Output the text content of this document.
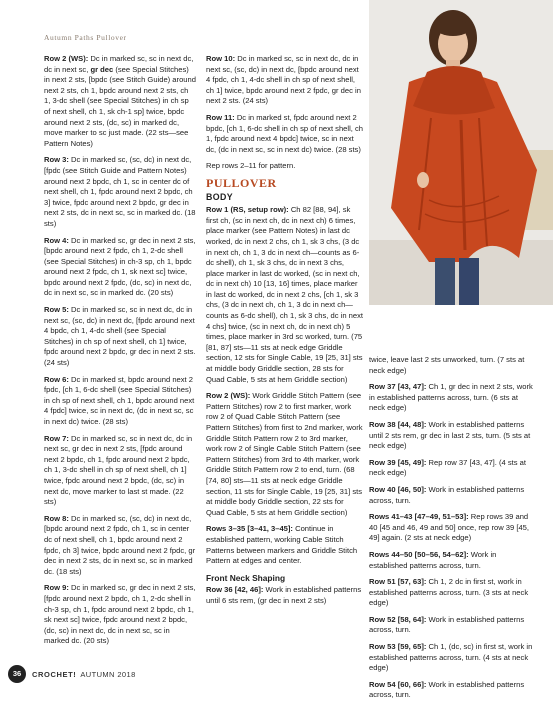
Autumn Paths Pullover

Row 2 (WS): Dc in marked sc, sc in next dc, dc in next sc, gr dec (see Special Stitches) in next 2 sts, [bpdc (see Stitch Guide) around next 2 sts, ch 1, bpdc around next 2 sts, ch 1, 3-dc shell (see Special Stitches) in ch sp of next shell, ch 1, sk ch-1 sp] twice, bpdc around next 2 sts, (dc, sc) in marked dc, move marker to sc just made. (22 sts—see Pattern Notes)

Row 3: Dc in marked sc, (sc, dc) in next dc, [fpdc (see Stitch Guide and Pattern Notes) around next 2 bpdc, ch 1, sc in center dc of next shell, ch 1, fpdc around next 2 bpdc, ch 3] twice, fpdc around next 2 bpdc, gr dec in next 2 sts, dc in next sc, sc in marked dc. (18 sts)

Row 4: Dc in marked sc, gr dec in next 2 sts, [bpdc around next 2 fpdc, ch 1, 2-dc shell (see Special Stitches) in ch-3 sp, ch 1, bpdc around next 2 fpdc, ch 1, sk next sc] twice, bpdc around next 2 fpdc, (dc, sc) in next dc, dc in next sc, sc in marked dc. (20 sts)

Row 5: Dc in marked sc, sc in next dc, dc in next sc, (sc, dc) in next dc, [fpdc around next 4 bpdc, ch 1, 4-dc shell (see Special Stitches) in ch sp of next shell, ch 1] twice, fpdc around next 2 bpdc, gr dec in next 2 sts. (24 sts)

Row 6: Dc in marked st, bpdc around next 2 fpdc, [ch 1, 6-dc shell (see Special Stitches) in ch sp of next shell, ch 1, bpdc around next 4 fpdc] twice, sc in next dc, (dc in next sc, sc in next dc) twice. (28 sts)

Row 7: Dc in marked sc, sc in next dc, dc in next sc, gr dec in next 2 sts, [fpdc around next 2 bpdc, ch 1, fpdc around next 2 bpdc, ch 1, 3-dc shell in ch sp of next shell, ch 1] twice, fpdc around next 2 bpdc, (dc, sc) in next dc, move marker to last st made. (22 sts)

Row 8: Dc in marked sc, (sc, dc) in next dc, [bpdc around next 2 fpdc, ch 1, sc in center dc of next shell, ch 1, bpdc around next 2 fpdc, ch 3] twice, bpdc around next 2 fpdc, gr dec in next 2 sts, dc in next sc, sc in marked dc. (18 sts)

Row 9: Dc in marked sc, gr dec in next 2 sts, [fpdc around next 2 bpdc, ch 1, 2-dc shell in ch-3 sp, ch 1, fpdc around next 2 bpdc, ch 1, sk next sc] twice, fpdc around next 2 bpdc, (dc, sc) in next dc, dc in next sc, sc in marked dc. (20 sts)

Row 10: Dc in marked sc, sc in next dc, dc in next sc, (sc, dc) in next dc, [bpdc around next 4 fpdc, ch 1, 4-dc shell in ch sp of next shell, ch 1] twice, bpdc around next 2 fpdc, gr dec in next 2 sts. (24 sts)

Row 11: Dc in marked st, fpdc around next 2 bpdc, [ch 1, 6-dc shell in ch sp of next shell, ch 1, fpdc around next 4 bpdc] twice, sc in next dc, (dc in next sc, sc in next dc) twice. (28 sts)

Rep rows 2–11 for pattern.

PULLOVER
BODY

Row 1 (RS, setup row): Ch 82 [88, 94], sk first ch, (sc in next ch, dc in next ch) 6 times, place marker (see Pattern Notes) in last dc worked, dc in next 2 chs, ch 1, sk 3 chs, (3 dc in next ch, ch 1, 3 dc in next ch—counts as 6-dc shell), ch 1, sk 3 chs, dc in next 3 chs, place marker in last dc worked, (sc in next ch, dc in next ch) 10 [13, 16] times, place marker in last dc worked, dc in next 2 chs, [ch 1, sk 3 chs, (3 dc in next ch, ch 1, 3 dc in next ch—counts as 6-dc shell), ch 1, sk 3 chs, dc in next 4 chs] twice, (sc in next ch, dc in next ch) 5 times, place marker in 3rd sc worked, turn. (75 [81, 87] sts—11 sts at neck edge Griddle section, 12 sts for Single Cable, 19 [25, 31] sts at middle body Griddle section, 28 sts for Quad Cable, 5 sts at hem Griddle section)

Row 2 (WS): Work Griddle Stitch Pattern (see Pattern Stitches) row 2 to first marker, work row 2 of Quad Cable Stitch Pattern (see Pattern Stitches) from first to 2nd marker, work Griddle Stitch Pattern row 2 to 3rd marker, work row 2 of Single Cable Stitch Pattern (see Pattern Stitches) from 3rd to 4th marker, work Griddle Stitch Pattern row 2 to end, turn. (68 [74, 80] sts—11 sts at neck edge Griddle section, 11 sts for Single Cable, 19 [25, 31] sts at middle body Griddle section, 22 sts for Quad Cable, 5 sts at hem Griddle section)

Rows 3–35 [3–41, 3–45]: Continue in established pattern, working Cable Stitch Patterns between markers and Griddle Stitch Pattern at edges and center.

Front Neck Shaping

Row 36 [42, 46]: Work in established patterns until 6 sts rem, (gr dec in next 2 sts)

twice, leave last 2 sts unworked, turn. (7 sts at neck edge)

Row 37 [43, 47]: Ch 1, gr dec in next 2 sts, work in established patterns across, turn. (6 sts at neck edge)

Row 38 [44, 48]: Work in established patterns until 2 sts rem, gr dec in last 2 sts, turn. (5 sts at neck edge)

Row 39 [45, 49]: Rep row 37 [43, 47]. (4 sts at neck edge)

Row 40 [46, 50]: Work in established patterns across, turn.

Rows 41–43 [47–49, 51–53]: Rep rows 39 and 40 [45 and 46, 49 and 50] once, rep row 39 [45, 49] again. (2 sts at neck edge)

Rows 44–50 [50–56, 54–62]: Work in established patterns across, turn.

Row 51 [57, 63]: Ch 1, 2 dc in first st, work in established patterns across, turn. (3 sts at neck edge)

Row 52 [58, 64]: Work in established patterns across, turn.

Row 53 [59, 65]: Ch 1, (dc, sc) in first st, work in established patterns across, turn. (4 sts at neck edge)

Row 54 [60, 66]: Work in established patterns across, turn.

36	CROCHET! AUTUMN 2018
